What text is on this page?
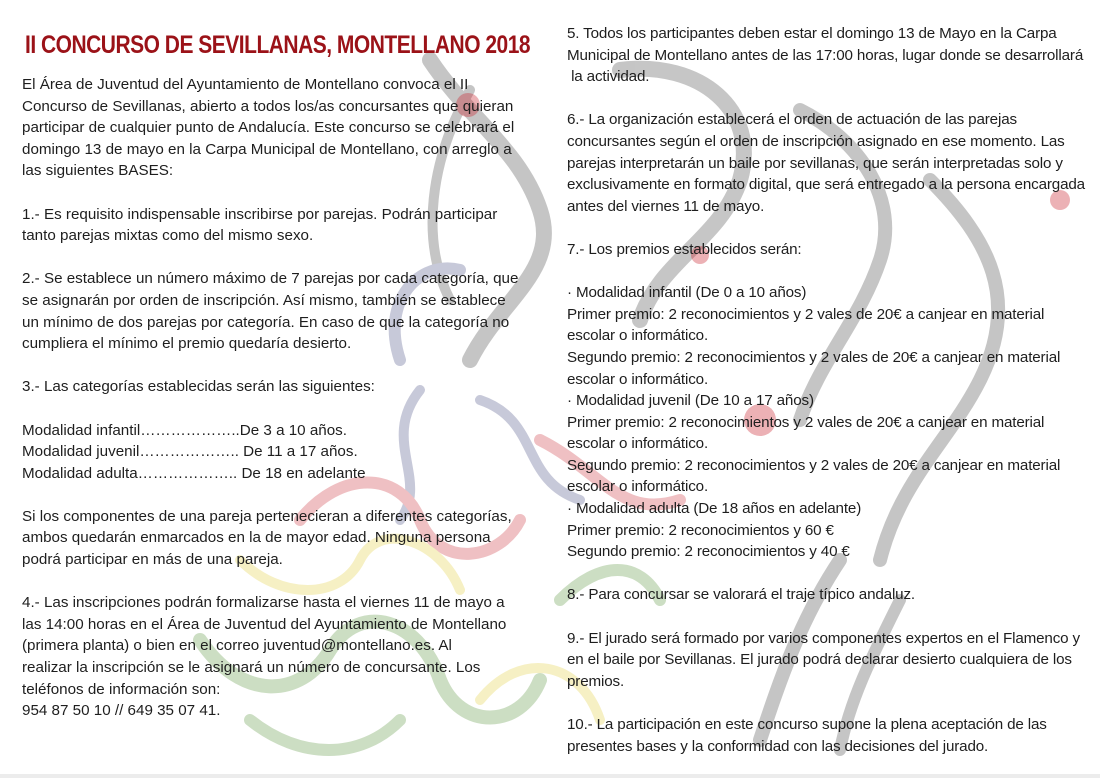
II CONCURSO DE SEVILLANAS, MONTELLANO 2018

El Área de Juventud del Ayuntamiento de Montellano convoca el II

Concurso de Sevillanas, abierto a todos los/as concursantes que quieran

participar de cualquier punto de Andalucía. Este concurso se celebrará el

domingo 13 de mayo en la Carpa Municipal de Montellano, con arreglo a

las siguientes BASES:

1.- Es requisito indispensable inscribirse por parejas. Podrán participar

tanto parejas mixtas como del mismo sexo.

2.- Se establece un número máximo de 7 parejas por cada categoría, que

se asignarán por orden de inscripción. Así mismo, también se establece

un mínimo de dos parejas por categoría. En caso de que la categoría no

cumpliera el mínimo el premio quedaría desierto.

3.- Las categorías establecidas serán las siguientes:

Modalidad infantil………………..De 3 a 10 años.

Modalidad juvenil……………….. De 11 a 17 años.

Modalidad adulta……………….. De 18 en adelante

Si los componentes de una pareja pertenecieran a diferentes categorías,

ambos quedarán enmarcados en la de mayor edad. Ninguna persona

podrá participar en más de una pareja.

4.- Las inscripciones podrán formalizarse hasta el viernes 11 de mayo a

las 14:00 horas en el Área de Juventud del Ayuntamiento de Montellano

(primera planta) o bien en el correo juventud@montellano.es. Al

realizar la inscripción se le asignará un número de concursante. Los

teléfonos de información son:

954 87 50 10 // 649 35 07 41.

5. Todos los participantes deben estar el domingo 13 de Mayo en la Carpa

Municipal de Montellano antes de las 17:00 horas, lugar donde se desarrollará

la actividad.

6.- La organización establecerá el orden de actuación de las parejas

concursantes según el orden de inscripción asignado en ese momento. Las

parejas interpretarán un baile por sevillanas, que serán interpretadas solo y

exclusivamente en formato digital, que será entregado a la persona encargada

antes del viernes 11 de mayo.

7.- Los premios establecidos serán:

· Modalidad infantil (De 0 a 10 años)

Primer premio: 2 reconocimientos y 2 vales de 20€ a canjear en material

escolar o informático.

Segundo premio: 2 reconocimientos y 2 vales de 20€ a canjear en material

escolar o informático.

· Modalidad juvenil (De 10 a 17 años)

Primer premio: 2 reconocimientos y 2 vales de 20€ a canjear en material

escolar o informático.

Segundo premio: 2 reconocimientos y 2 vales de 20€ a canjear en material

escolar o informático.

· Modalidad adulta (De 18 años en adelante)

Primer premio: 2 reconocimientos y 60 €

Segundo premio: 2 reconocimientos y 40 €

8.- Para concursar se valorará el traje típico andaluz.

9.- El jurado será formado por varios componentes expertos en el Flamenco y

en el baile por Sevillanas. El jurado podrá declarar desierto cualquiera de los

premios.

10.- La participación en este concurso supone la plena aceptación de las

presentes bases y la conformidad con las decisiones del jurado.
